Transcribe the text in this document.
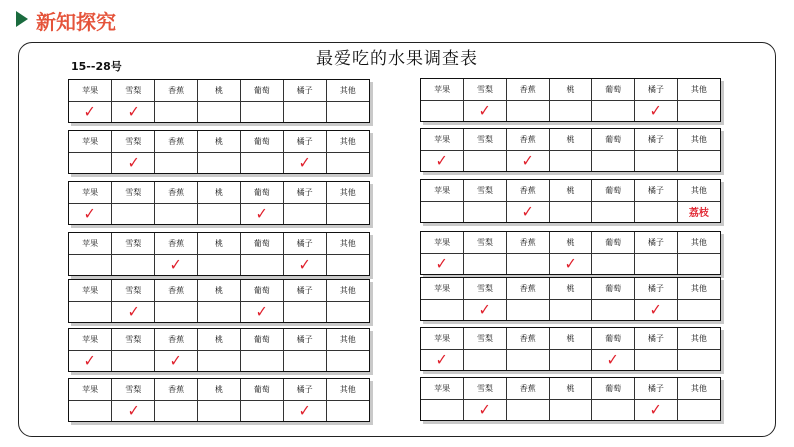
新知探究
最爱吃的水果调查表
15--28号
苹果	雪梨	香蕉	桃	葡萄	橘子	其他
✓	✓					
苹果	雪梨	香蕉	桃	葡萄	橘子	其他
	✓				✓	
苹果	雪梨	香蕉	桃	葡萄	橘子	其他
✓				✓		
苹果	雪梨	香蕉	桃	葡萄	橘子	其他
		✓			✓	
苹果	雪梨	香蕉	桃	葡萄	橘子	其他
	✓			✓		
苹果	雪梨	香蕉	桃	葡萄	橘子	其他
✓		✓				
苹果	雪梨	香蕉	桃	葡萄	橘子	其他
	✓				✓	
苹果	雪梨	香蕉	桃	葡萄	橘子	其他
	✓				✓	
苹果	雪梨	香蕉	桃	葡萄	橘子	其他
✓		✓				
苹果	雪梨	香蕉	桃	葡萄	橘子	其他
		✓				荔枝
苹果	雪梨	香蕉	桃	葡萄	橘子	其他
✓			✓			
苹果	雪梨	香蕉	桃	葡萄	橘子	其他
	✓				✓	
苹果	雪梨	香蕉	桃	葡萄	橘子	其他
✓				✓		
苹果	雪梨	香蕉	桃	葡萄	橘子	其他
	✓				✓	
